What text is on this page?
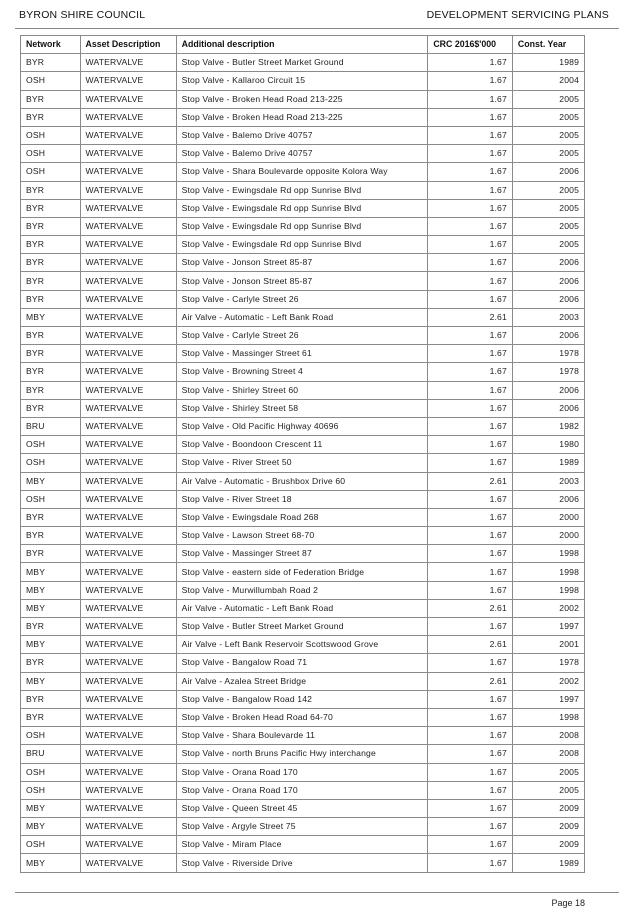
BYRON SHIRE COUNCIL	DEVELOPMENT SERVICING PLANS
Network	Asset Description	Additional description	CRC 2016$'000	Const. Year
BYR	WATERVALVE	Stop Valve - Butler Street Market Ground	1.67	1989
OSH	WATERVALVE	Stop Valve - Kallaroo Circuit 15	1.67	2004
BYR	WATERVALVE	Stop Valve - Broken Head Road 213-225	1.67	2005
BYR	WATERVALVE	Stop Valve - Broken Head Road 213-225	1.67	2005
OSH	WATERVALVE	Stop Valve - Balemo Drive 40757	1.67	2005
OSH	WATERVALVE	Stop Valve - Balemo Drive 40757	1.67	2005
OSH	WATERVALVE	Stop Valve - Shara Boulevarde opposite Kolora Way	1.67	2006
BYR	WATERVALVE	Stop Valve - Ewingsdale Rd opp Sunrise Blvd	1.67	2005
BYR	WATERVALVE	Stop Valve - Ewingsdale Rd opp Sunrise Blvd	1.67	2005
BYR	WATERVALVE	Stop Valve - Ewingsdale Rd opp Sunrise Blvd	1.67	2005
BYR	WATERVALVE	Stop Valve - Ewingsdale Rd opp Sunrise Blvd	1.67	2005
BYR	WATERVALVE	Stop Valve - Jonson Street 85-87	1.67	2006
BYR	WATERVALVE	Stop Valve - Jonson Street 85-87	1.67	2006
BYR	WATERVALVE	Stop Valve - Carlyle Street 26	1.67	2006
MBY	WATERVALVE	Air Valve - Automatic - Left Bank Road	2.61	2003
BYR	WATERVALVE	Stop Valve - Carlyle Street 26	1.67	2006
BYR	WATERVALVE	Stop Valve - Massinger Street 61	1.67	1978
BYR	WATERVALVE	Stop Valve - Browning Street 4	1.67	1978
BYR	WATERVALVE	Stop Valve - Shirley Street 60	1.67	2006
BYR	WATERVALVE	Stop Valve - Shirley Street 58	1.67	2006
BRU	WATERVALVE	Stop Valve - Old Pacific Highway 40696	1.67	1982
OSH	WATERVALVE	Stop Valve - Boondoon Crescent 11	1.67	1980
OSH	WATERVALVE	Stop Valve - River Street 50	1.67	1989
MBY	WATERVALVE	Air Valve - Automatic - Brushbox Drive 60	2.61	2003
OSH	WATERVALVE	Stop Valve - River Street 18	1.67	2006
BYR	WATERVALVE	Stop Valve - Ewingsdale Road 268	1.67	2000
BYR	WATERVALVE	Stop Valve - Lawson Street 68-70	1.67	2000
BYR	WATERVALVE	Stop Valve - Massinger Street 87	1.67	1998
MBY	WATERVALVE	Stop Valve - eastern side of Federation Bridge	1.67	1998
MBY	WATERVALVE	Stop Valve - Murwillumbah Road 2	1.67	1998
MBY	WATERVALVE	Air Valve - Automatic - Left Bank Road	2.61	2002
BYR	WATERVALVE	Stop Valve - Butler Street Market Ground	1.67	1997
MBY	WATERVALVE	Air Valve - Left Bank Reservoir Scottswood Grove	2.61	2001
BYR	WATERVALVE	Stop Valve - Bangalow Road 71	1.67	1978
MBY	WATERVALVE	Air Valve - Azalea Street Bridge	2.61	2002
BYR	WATERVALVE	Stop Valve - Bangalow Road 142	1.67	1997
BYR	WATERVALVE	Stop Valve - Broken Head Road 64-70	1.67	1998
OSH	WATERVALVE	Stop Valve - Shara Boulevarde 11	1.67	2008
BRU	WATERVALVE	Stop Valve - north Bruns Pacific Hwy interchange	1.67	2008
OSH	WATERVALVE	Stop Valve - Orana Road 170	1.67	2005
OSH	WATERVALVE	Stop Valve - Orana Road 170	1.67	2005
MBY	WATERVALVE	Stop Valve - Queen Street 45	1.67	2009
MBY	WATERVALVE	Stop Valve - Argyle Street 75	1.67	2009
OSH	WATERVALVE	Stop Valve - Miram Place	1.67	2009
MBY	WATERVALVE	Stop Valve - Riverside Drive	1.67	1989
Page 18
